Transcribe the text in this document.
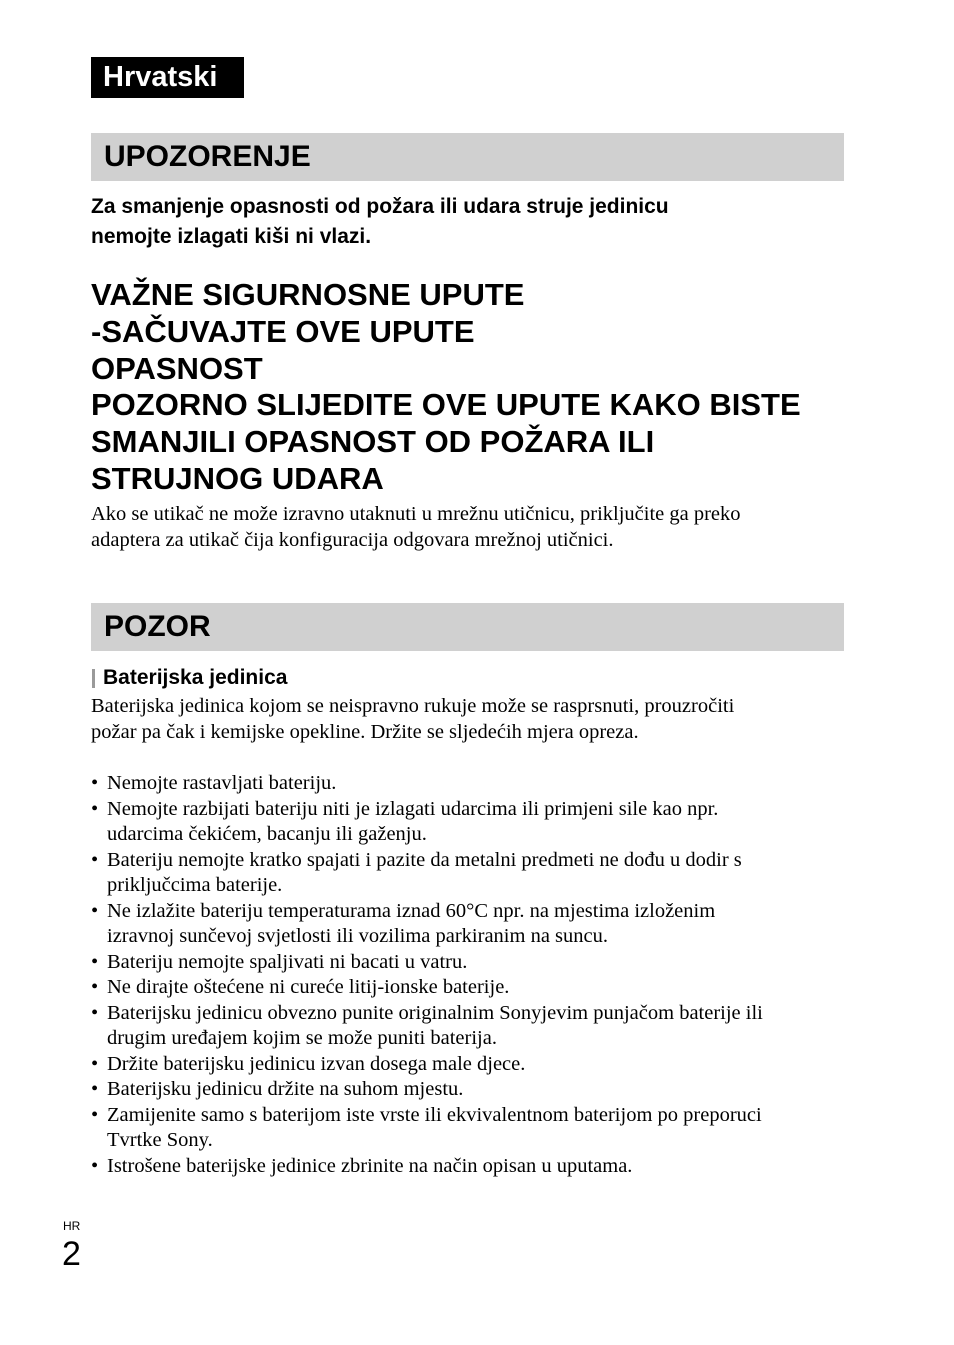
Hrvatski
UPOZORENJE
Za smanjenje opasnosti od požara ili udara struje jedinicu
nemojte izlagati kiši ni vlazi.
VAŽNE SIGURNOSNE UPUTE
-SAČUVAJTE OVE UPUTE
OPASNOST
POZORNO SLIJEDITE OVE UPUTE KAKO BISTE
SMANJILI OPASNOST OD POŽARA ILI
STRUJNOG UDARA
Ako se utikač ne može izravno utaknuti u mrežnu utičnicu, priključite ga preko
adaptera za utikač čija konfiguracija odgovara mrežnoj utičnici.
POZOR
Baterijska jedinica
Baterijska jedinica kojom se neispravno rukuje može se rasprsnuti, prouzročiti
požar pa čak i kemijske opekline. Držite se sljedećih mjera opreza.
• Nemojte rastavljati bateriju.
• Nemojte razbijati bateriju niti je izlagati udarcima ili primjeni sile kao npr.
udarcima čekićem, bacanju ili gaženju.
• Bateriju nemojte kratko spajati i pazite da metalni predmeti ne dođu u dodir s
priključcima baterije.
• Ne izlažite bateriju temperaturama iznad 60°C npr. na mjestima izloženim
izravnoj sunčevoj svjetlosti ili vozilima parkiranim na suncu.
• Bateriju nemojte spaljivati ni bacati u vatru.
• Ne dirajte oštećene ni cureće litij-ionske baterije.
• Baterijsku jedinicu obvezno punite originalnim Sonyjevim punjačom baterije ili
drugim uređajem kojim se može puniti baterija.
• Držite baterijsku jedinicu izvan dosega male djece.
• Baterijsku jedinicu držite na suhom mjestu.
• Zamijenite samo s baterijom iste vrste ili ekvivalentnom baterijom po preporuci
Tvrtke Sony.
• Istrošene baterijske jedinice zbrinite na način opisan u uputama.
HR
2
